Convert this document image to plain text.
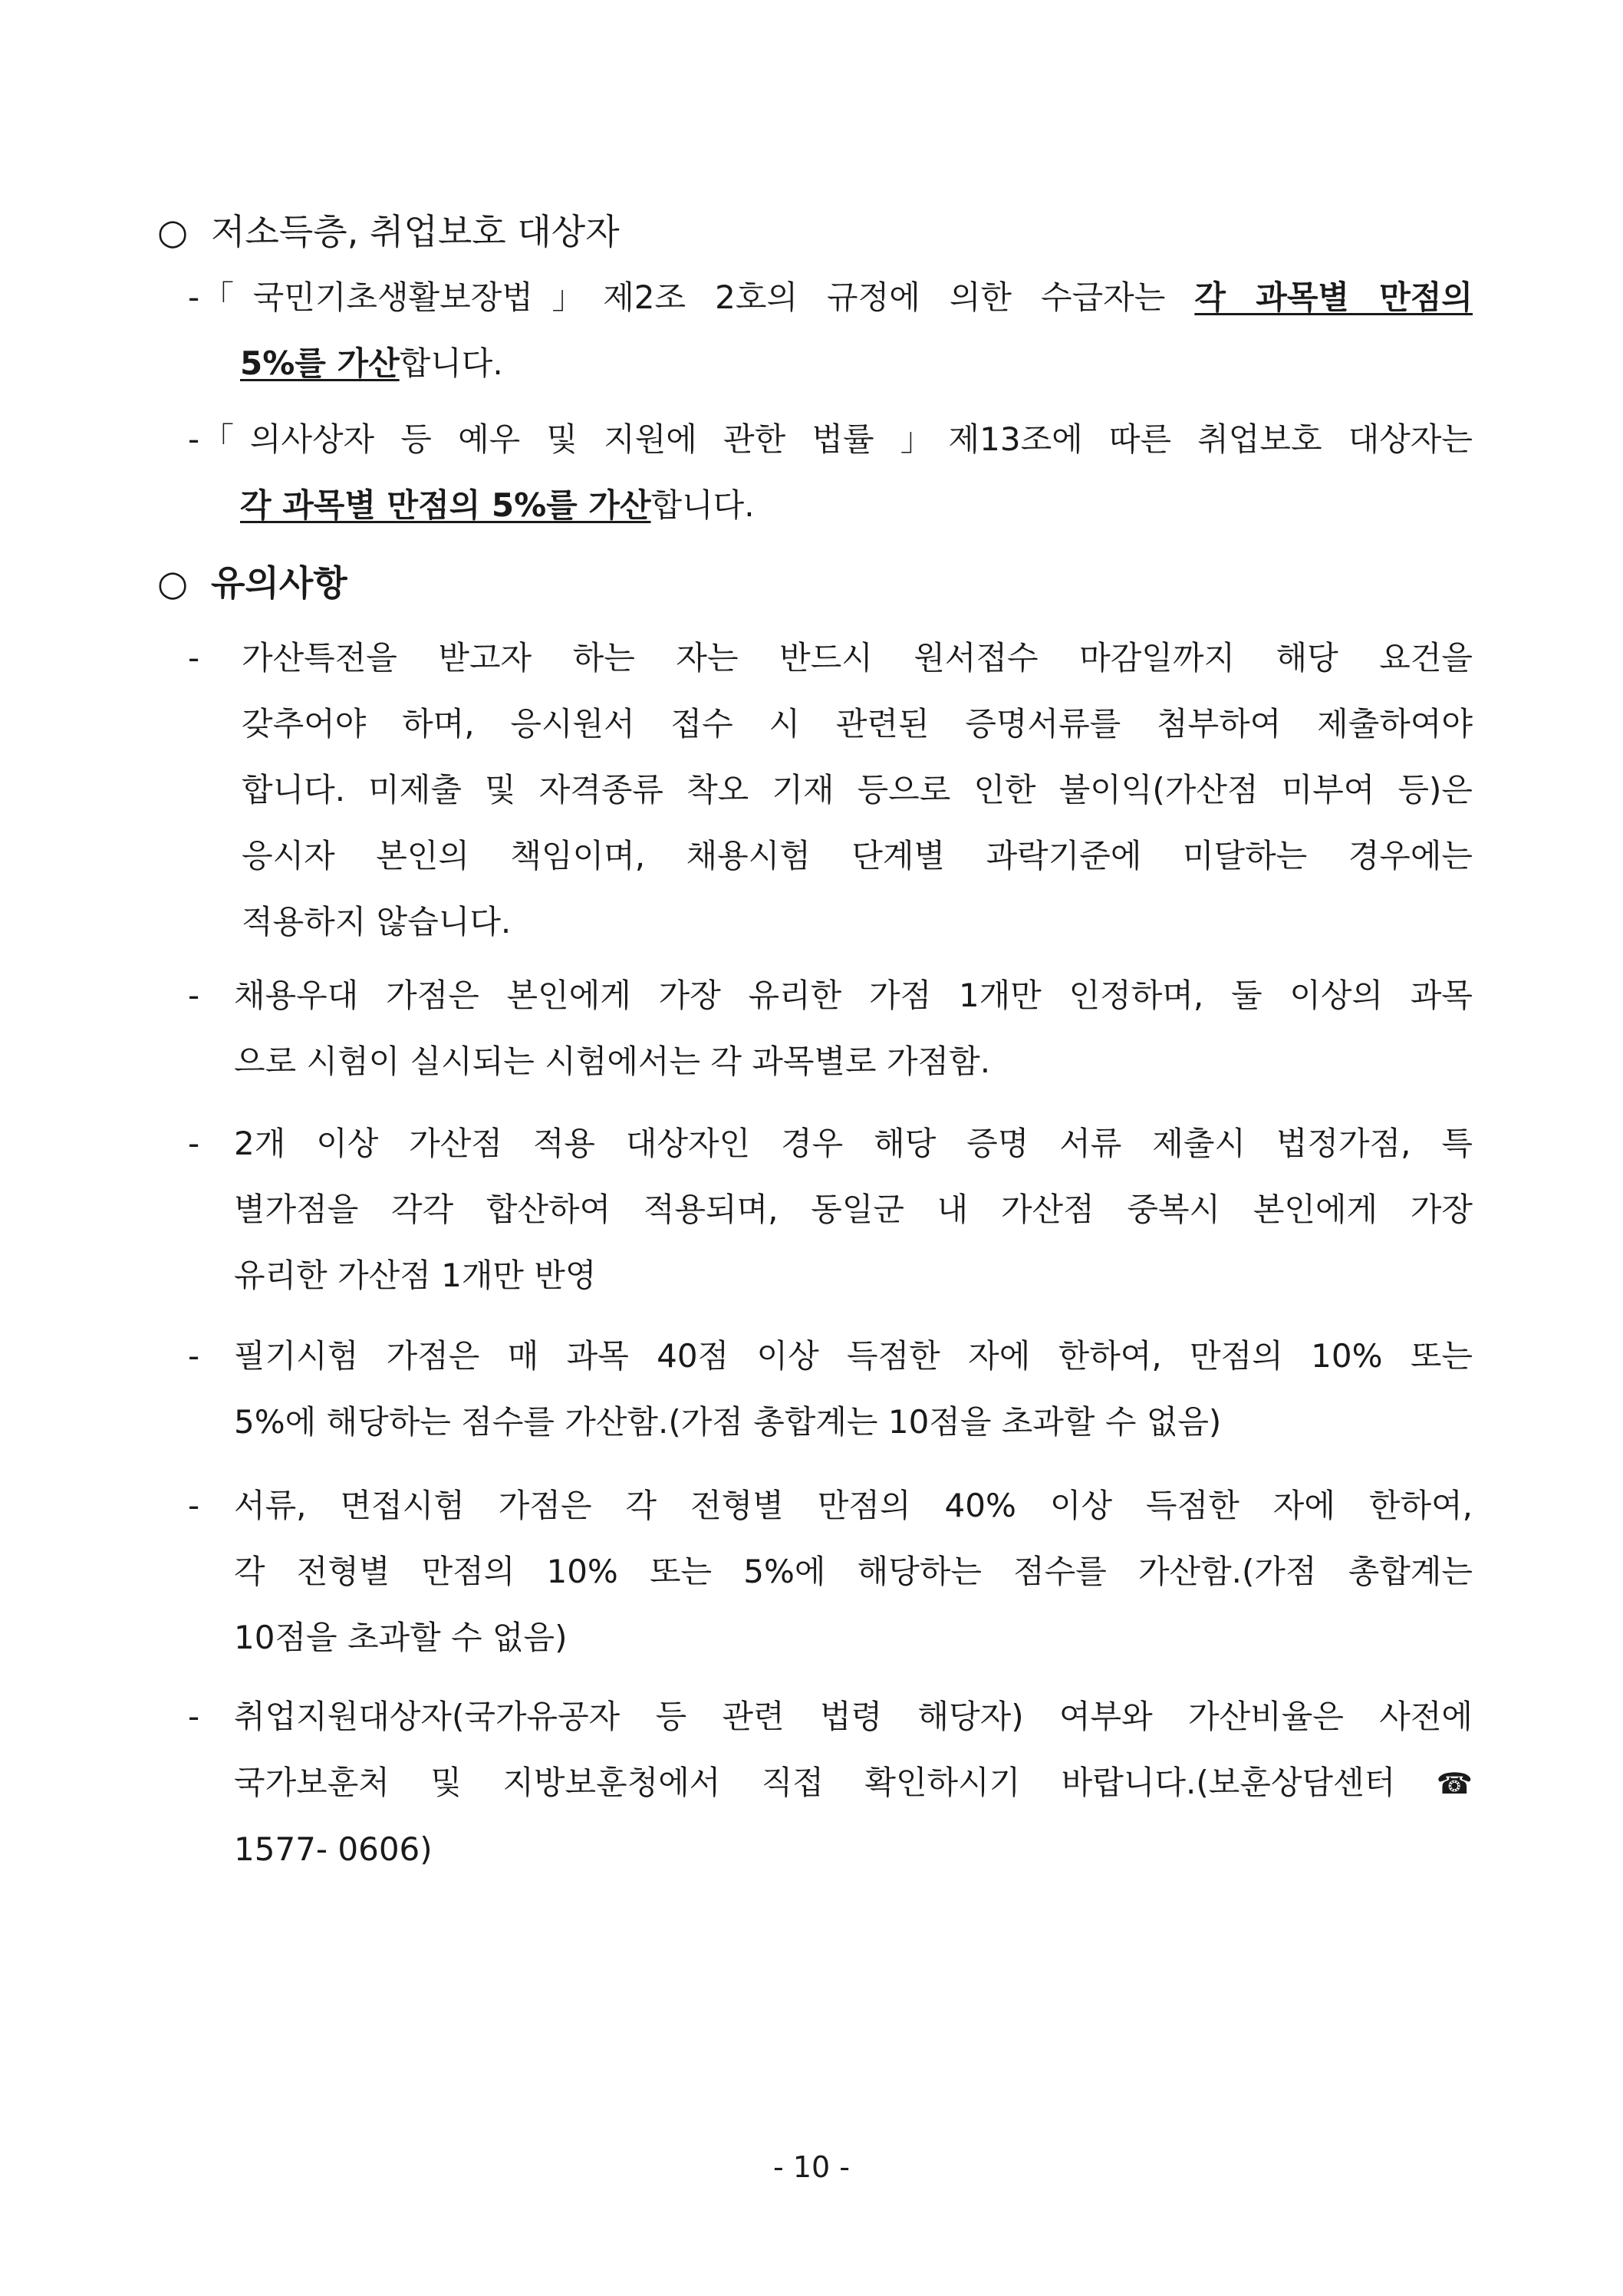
○ 저소득층, 취업보호 대상자
- 「국민기초생활보장법」제2조 2호의 규정에 의한 수급자는 각 과목별 만점의
5%를 가산합니다.
- 「의사상자 등 예우 및 지원에 관한 법률 」제13조에 따른 취업보호 대상자는
각 과목별 만점의 5%를 가산합니다.
○ 유의사항
- 가산특전을 받고자 하는 자는 반드시 원서접수 마감일까지 해당 요건을
갖추어야 하며, 응시원서 접수 시 관련된 증명서류를 첨부하여 제출하여야
합니다. 미제출 및 자격종류 착오 기재 등으로 인한 불이익(가산점 미부여 등)은
응시자 본인의 책임이며, 채용시험 단계별 과락기준에 미달하는 경우에는
적용하지 않습니다.
- 채용우대 가점은 본인에게 가장 유리한 가점 1개만 인정하며, 둘 이상의 과목
으로 시험이 실시되는 시험에서는 각 과목별로 가점함.
- 2개 이상 가산점 적용 대상자인 경우 해당 증명 서류 제출시 법정가점, 특
별가점을 각각 합산하여 적용되며, 동일군 내 가산점 중복시 본인에게 가장
유리한 가산점 1개만 반영
- 필기시험 가점은 매 과목 40점 이상 득점한 자에 한하여, 만점의 10% 또는
5%에 해당하는 점수를 가산함.(가점 총합계는 10점을 초과할 수 없음)
- 서류, 면접시험 가점은 각 전형별 만점의 40% 이상 득점한 자에 한하여,
각 전형별 만점의 10% 또는 5%에 해당하는 점수를 가산함.(가점 총합계는
10점을 초과할 수 없음)
- 취업지원대상자(국가유공자 등 관련 법령 해당자) 여부와 가산비율은 사전에
국가보훈처 및 지방보훈청에서 직접 확인하시기 바랍니다.(보훈상담센터 ☎
1577- 0606)
- 10 -
